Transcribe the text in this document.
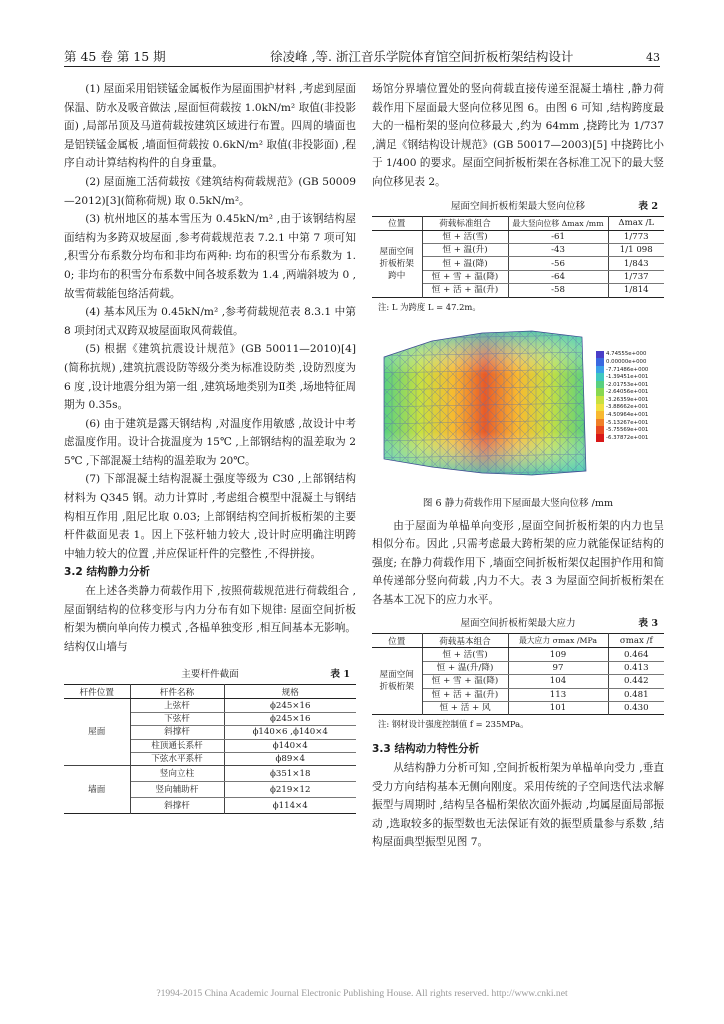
第 45 卷 第 15 期	徐凌峰 ,等. 浙江音乐学院体育馆空间折板桁架结构设计	43

(1) 屋面采用铝镁锰金属板作为屋面围护材料 ,考虑到屋面保温、防水及吸音做法 ,屋面恒荷载按 1.0kN/m² 取值(非投影面) ,局部吊顶及马道荷载按建筑区域进行布置。四周的墙面也是铝镁锰金属板 ,墙面恒荷载按 0.6kN/m² 取值(非投影面) ,程序自动计算结构构件的自身重量。

(2) 屋面施工活荷载按《建筑结构荷载规范》(GB 50009—2012)[3](简称荷规) 取 0.5kN/m²。

(3) 杭州地区的基本雪压为 0.45kN/m² ,由于该钢结构屋面结构为多跨双坡屋面 ,参考荷载规范表 7.2.1 中第 7 项可知 ,积雪分布系数分均布和非均布两种: 均布的积雪分布系数为 1.0; 非均布的积雪分布系数中间各坡系数为 1.4 ,两端斜坡为 0 ,故雪荷载能包络活荷载。

(4) 基本风压为 0.45kN/m² ,参考荷载规范表 8.3.1 中第 8 项封闭式双跨双坡屋面取风荷载值。

(5) 根据《建筑抗震设计规范》(GB 50011—2010)[4](简称抗规) ,建筑抗震设防等级分类为标准设防类 ,设防烈度为 6 度 ,设计地震分组为第一组 ,建筑场地类别为Ⅱ类 ,场地特征周期为 0.35s。

(6) 由于建筑是露天钢结构 ,对温度作用敏感 ,故设计中考虑温度作用。设计合拢温度为 15℃ ,上部钢结构的温差取为 25℃ ,下部混凝土结构的温差取为 20℃。

(7) 下部混凝土结构混凝土强度等级为 C30 ,上部钢结构材料为 Q345 钢。动力计算时 ,考虑组合模型中混凝土与钢结构相互作用 ,阻尼比取 0.03; 上部钢结构空间折板桁架的主要杆件截面见表 1。因上下弦杆轴力较大 ,设计时应明确注明跨中轴力较大的位置 ,并应保证杆件的完整性 ,不得拼接。

3.2 结构静力分析

在上述各类静力荷载作用下 ,按照荷载规范进行荷载组合 ,屋面钢结构的位移变形与内力分布有如下规律: 屋面空间折板桁架为横向单向传力模式 ,各榀单独变形 ,相互间基本无影响。结构仅山墙与

主要杆件截面	表 1
杆件位置	杆件名称	规格
屋面	上弦杆	ϕ245×16
	下弦杆	ϕ245×16
	斜撑杆	ϕ140×6 ,ϕ140×4
	柱顶通长系杆	ϕ140×4
	下弦水平系杆	ϕ89×4
墙面	竖向立柱	ϕ351×18
	竖向辅助杆	ϕ219×12
	斜撑杆	ϕ114×4

场馆分界墙位置处的竖向荷载直接传递至混凝土墙柱 ,静力荷载作用下屋面最大竖向位移见图 6。由图 6 可知 ,结构跨度最大的一榀桁架的竖向位移最大 ,约为 64mm ,挠跨比为 1/737 ,满足《钢结构设计规范》(GB 50017—2003)[5] 中挠跨比小于 1/400 的要求。屋面空间折板桁架在各标准工况下的最大竖向位移见表 2。

屋面空间折板桁架最大竖向位移	表 2
位置	荷载标准组合	最大竖向位移 Δmax /mm	Δmax /L
屋面空间折板桁架跨中	恒 + 活(雪)	-61	1/773
	恒 + 温(升)	-43	1/1 098
	恒 + 温(降)	-56	1/843
	恒 + 雪 + 温(降)	-64	1/737
	恒 + 活 + 温(升)	-58	1/814
注: L 为跨度 L = 47.2m。
4.74555e+000
0.00000e+000
-7.71486e+000
-1.39451e+001
-2.01753e+001
-2.64056e+001
-3.26359e+001
-3.88662e+001
-4.50964e+001
-5.13267e+001
-5.75569e+001
-6.37872e+001
图 6 静力荷载作用下屋面最大竖向位移 /mm

由于屋面为单榀单向变形 ,屋面空间折板桁架的内力也呈相似分布。因此 ,只需考虑最大跨桁架的应力就能保证结构的强度; 在静力荷载作用下 ,墙面空间折板桁架仅起围护作用和简单传递部分竖向荷载 ,内力不大。表 3 为屋面空间折板桁架在各基本工况下的应力水平。

屋面空间折板桁架最大应力	表 3
位置	荷载基本组合	最大应力 σmax /MPa	σmax /f
屋面空间折板桁架	恒 + 活(雪)	109	0.464
	恒 + 温(升/降)	97	0.413
	恒 + 雪 + 温(降)	104	0.442
	恒 + 活 + 温(升)	113	0.481
	恒 + 活 + 风	101	0.430
注: 钢材设计强度控制值 f = 235MPa。
3.3 结构动力特性分析

从结构静力分析可知 ,空间折板桁架为单榀单向受力 ,垂直受力方向结构基本无侧向刚度。采用传统的子空间迭代法求解振型与周期时 ,结构呈各榀桁架依次面外振动 ,均属屋面局部振动 ,选取较多的振型数也无法保证有效的振型质量参与系数 ,结构屋面典型振型见图 7。

?1994-2015 China Academic Journal Electronic Publishing House. All rights reserved. http://www.cnki.net
